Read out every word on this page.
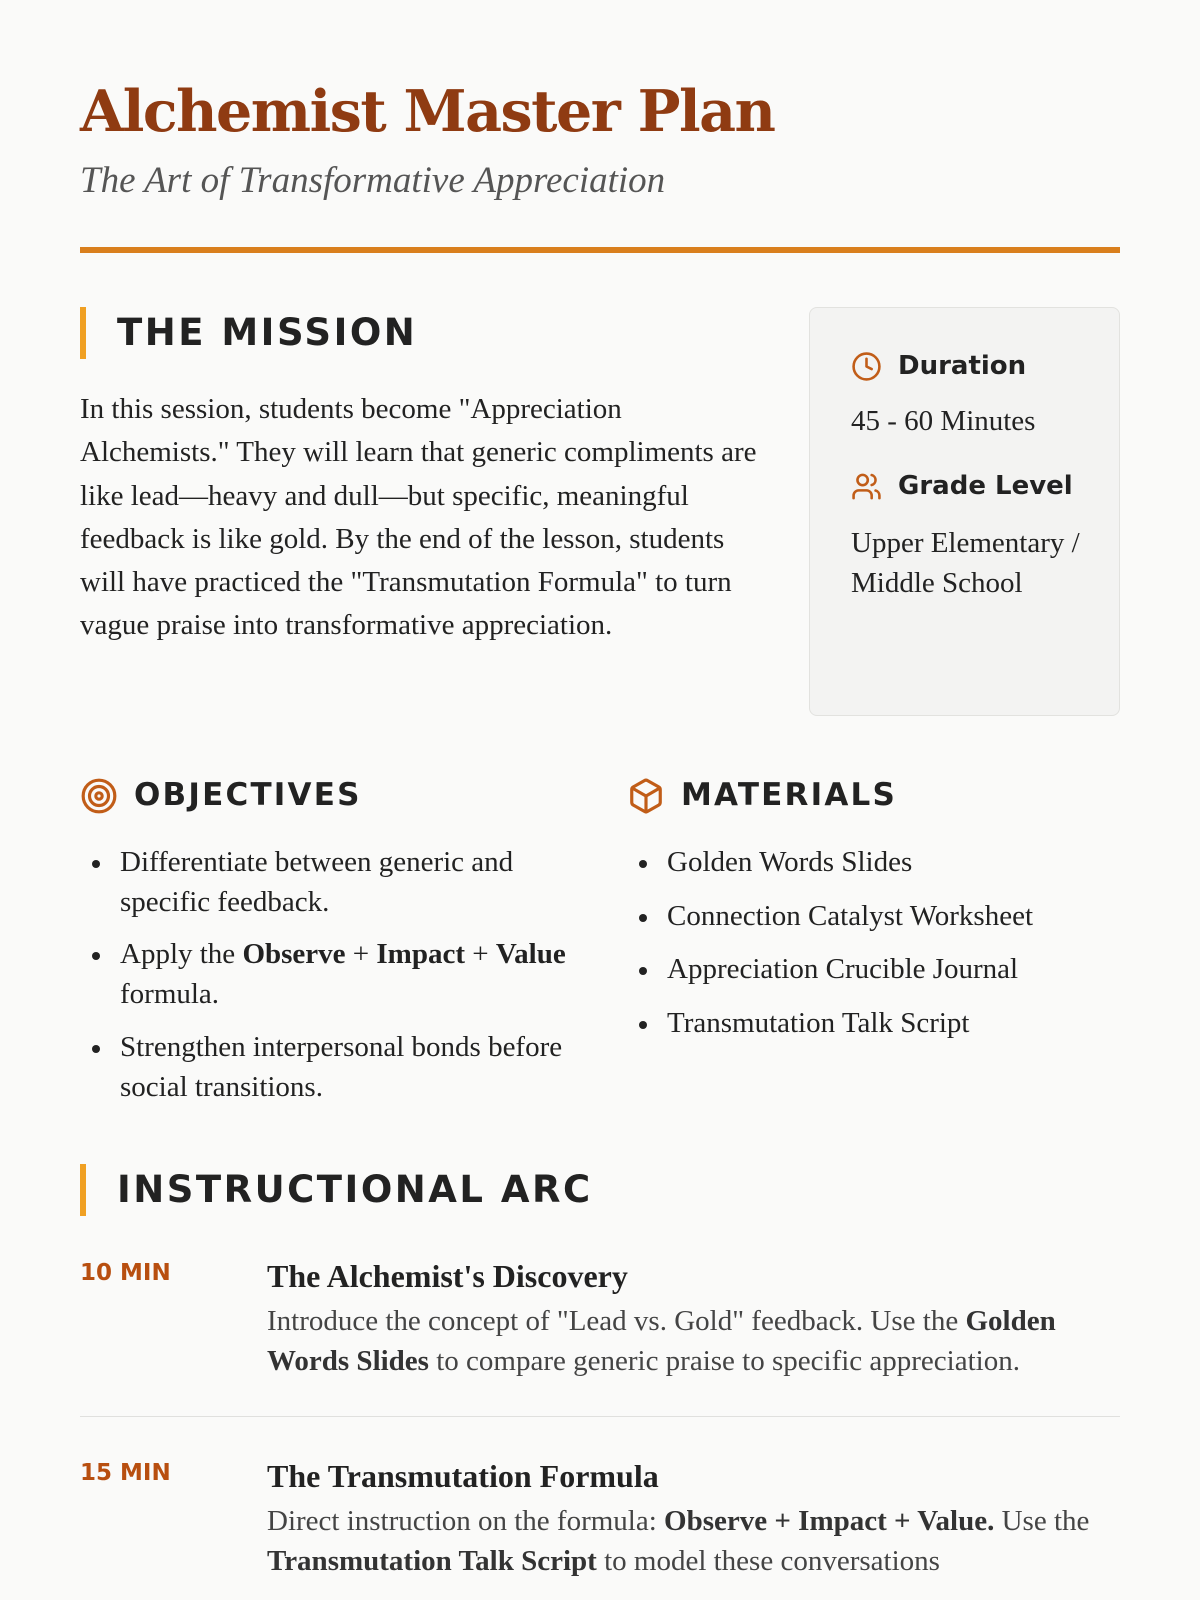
Alchemist Master Plan

The Art of Transformative Appreciation

THE MISSION

In this session, students become "Appreciation Alchemists." They will learn that generic compliments are like lead—heavy and dull—but specific, meaningful feedback is like gold. By the end of the lesson, students will have practiced the "Transmutation Formula" to turn vague praise into transformative appreciation.

Duration

45 - 60 Minutes

Grade Level

Upper Elementary / Middle School

OBJECTIVES	MATERIALS
Differentiate between generic and specific feedback.
Apply the Observe + Impact + Value formula.
Strengthen interpersonal bonds before social transitions.
Golden Words Slides
Connection Catalyst Worksheet
Appreciation Crucible Journal
Transmutation Talk Script
INSTRUCTIONAL ARC
10 MIN	The Alchemist's Discovery

Introduce the concept of "Lead vs. Gold" feedback. Use the Golden Words Slides to compare generic praise to specific appreciation.

15 MIN	The Transmutation Formula

Direct instruction on the formula: Observe + Impact + Value. Use the Transmutation Talk Script to model these conversations
